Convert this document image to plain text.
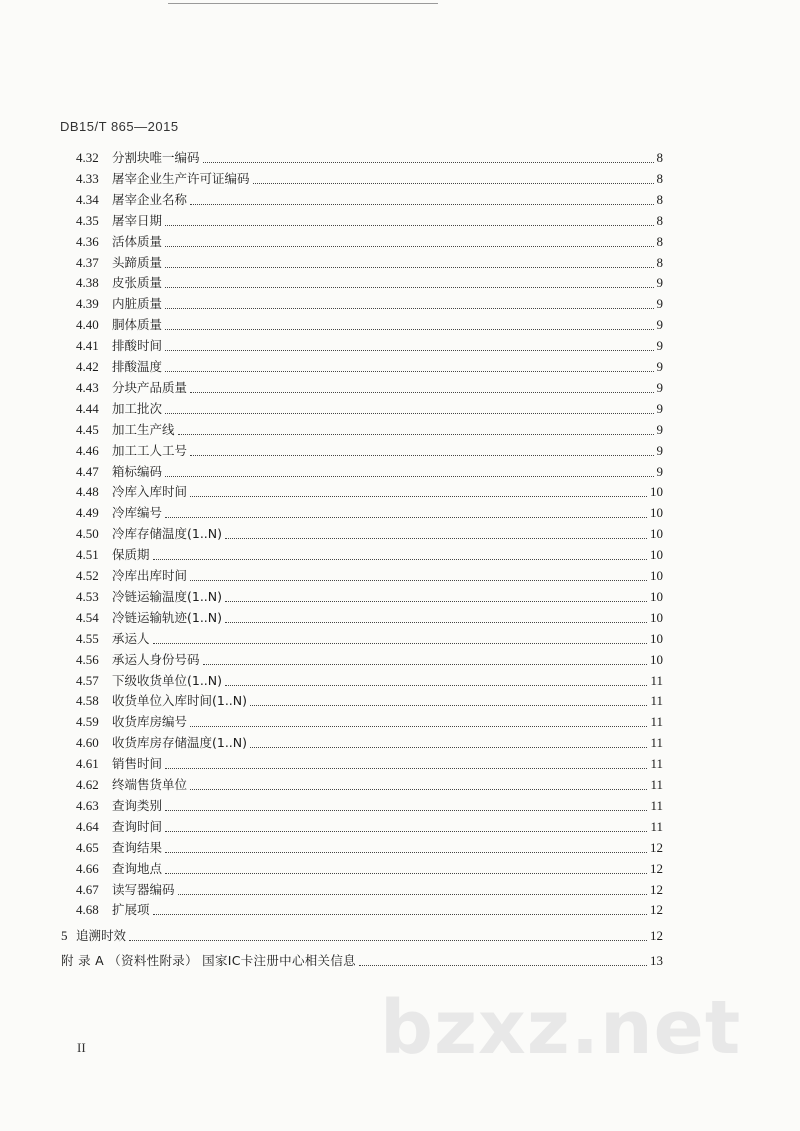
DB15/T 865—2015
4.32	分割块唯一编码	8
4.33	屠宰企业生产许可证编码	8
4.34	屠宰企业名称	8
4.35	屠宰日期	8
4.36	活体质量	8
4.37	头蹄质量	8
4.38	皮张质量	9
4.39	内脏质量	9
4.40	胴体质量	9
4.41	排酸时间	9
4.42	排酸温度	9
4.43	分块产品质量	9
4.44	加工批次	9
4.45	加工生产线	9
4.46	加工工人工号	9
4.47	箱标编码	9
4.48	冷库入库时间	10
4.49	冷库编号	10
4.50	冷库存储温度(1..N)	10
4.51	保质期	10
4.52	冷库出库时间	10
4.53	冷链运输温度(1..N)	10
4.54	冷链运输轨迹(1..N)	10
4.55	承运人	10
4.56	承运人身份号码	10
4.57	下级收货单位(1..N)	11
4.58	收货单位入库时间(1..N)	11
4.59	收货库房编号	11
4.60	收货库房存储温度(1..N)	11
4.61	销售时间	11
4.62	终端售货单位	11
4.63	查询类别	11
4.64	查询时间	11
4.65	查询结果	12
4.66	查询地点	12
4.67	读写器编码	12
4.68	扩展项	12
5 追溯时效	12
附 录 A （资料性附录） 国家IC卡注册中心相关信息	13
II	bzxz.net
